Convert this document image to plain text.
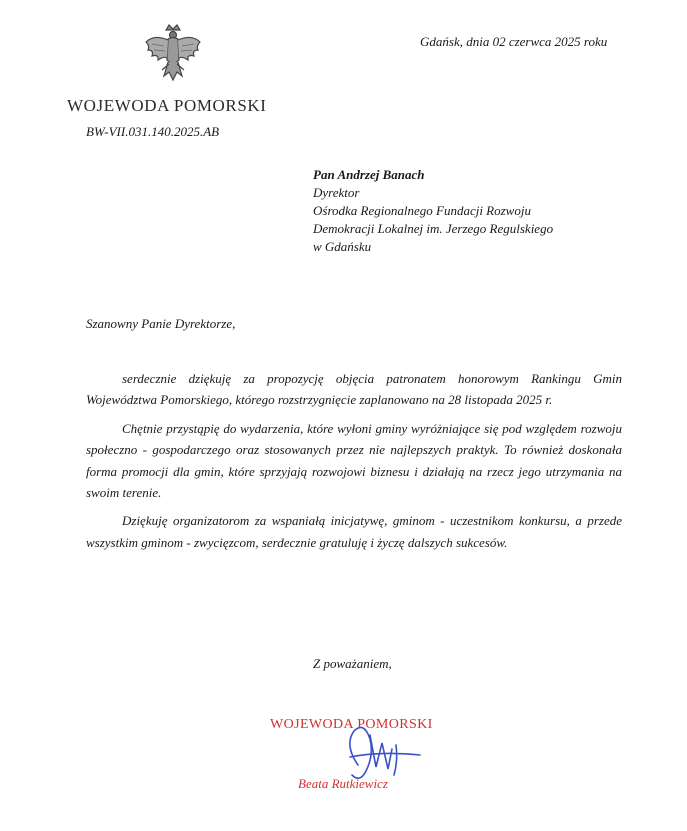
WOJEWODA POMORSKI
BW-VII.031.140.2025.AB
Gdańsk, dnia 02 czerwca 2025 roku
Pan Andrzej Banach
Dyrektor
Ośrodka Regionalnego Fundacji Rozwoju
Demokracji Lokalnej im. Jerzego Regulskiego
w Gdańsku
Szanowny Panie Dyrektorze,

serdecznie dziękuję za propozycję objęcia patronatem honorowym Rankingu Gmin Województwa Pomorskiego, którego rozstrzygnięcie zaplanowano na 28 listopada 2025 r.

Chętnie przystąpię do wydarzenia, które wyłoni gminy wyróżniające się pod względem rozwoju społeczno - gospodarczego oraz stosowanych przez nie najlepszych praktyk. To również doskonała forma promocji dla gmin, które sprzyjają rozwojowi biznesu i działają na rzecz jego utrzymania na swoim terenie.

Dziękuję organizatorom za wspaniałą inicjatywę, gminom - uczestnikom konkursu, a przede wszystkim gminom - zwycięzcom, serdecznie gratuluję i życzę dalszych sukcesów.

Z poważaniem,
WOJEWODA POMORSKI
Beata Rutkiewicz
